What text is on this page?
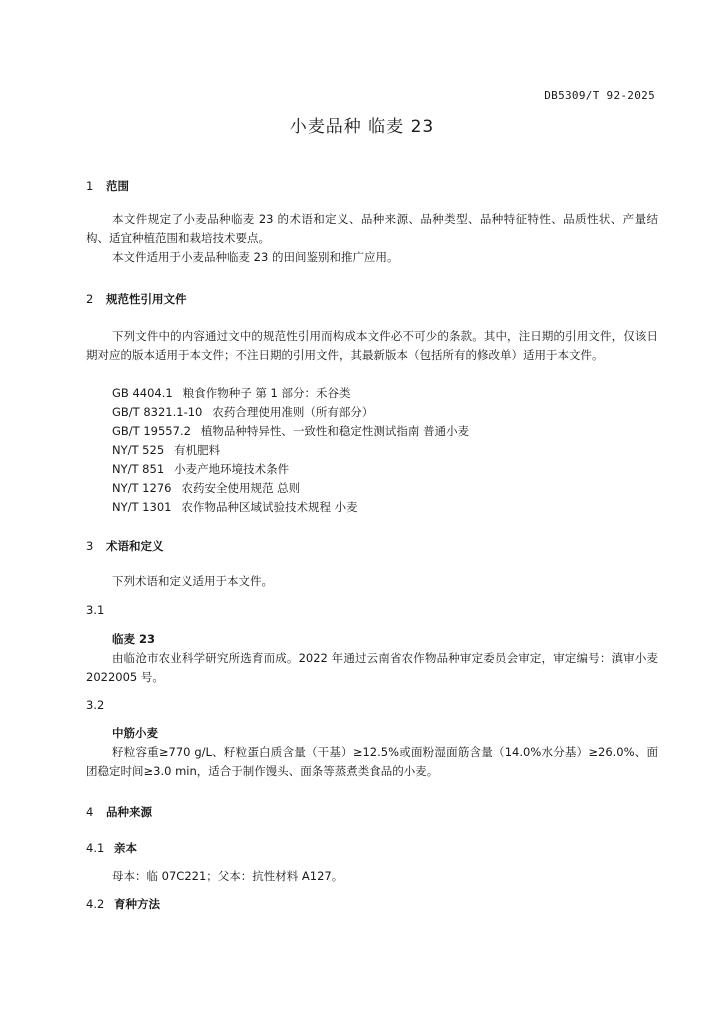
DB5309/T 92-2025
小麦品种 临麦 23
1 范围
本文件规定了小麦品种临麦 23 的术语和定义、品种来源、品种类型、品种特征特性、品质性状、产量结构、适宜种植范围和栽培技术要点。
本文件适用于小麦品种临麦 23 的田间鉴别和推广应用。
2 规范性引用文件
下列文件中的内容通过文中的规范性引用而构成本文件必不可少的条款。其中，注日期的引用文件，仅该日期对应的版本适用于本文件；不注日期的引用文件，其最新版本（包括所有的修改单）适用于本文件。
GB 4404.1 粮食作物种子 第 1 部分：禾谷类
GB/T 8321.1-10 农药合理使用准则（所有部分）
GB/T 19557.2 植物品种特异性、一致性和稳定性测试指南 普通小麦
NY/T 525 有机肥料
NY/T 851 小麦产地环境技术条件
NY/T 1276 农药安全使用规范 总则
NY/T 1301 农作物品种区域试验技术规程 小麦
3 术语和定义
下列术语和定义适用于本文件。
3.1
临麦 23
由临沧市农业科学研究所选育而成。2022 年通过云南省农作物品种审定委员会审定，审定编号：滇审小麦 2022005 号。
3.2
中筋小麦
籽粒容重≥770 g/L、籽粒蛋白质含量（干基）≥12.5%或面粉湿面筋含量（14.0%水分基）≥26.0%、面团稳定时间≥3.0 min，适合于制作馒头、面条等蒸煮类食品的小麦。
4 品种来源
4.1 亲本
母本：临 07C221；父本：抗性材料 A127。
4.2 育种方法
